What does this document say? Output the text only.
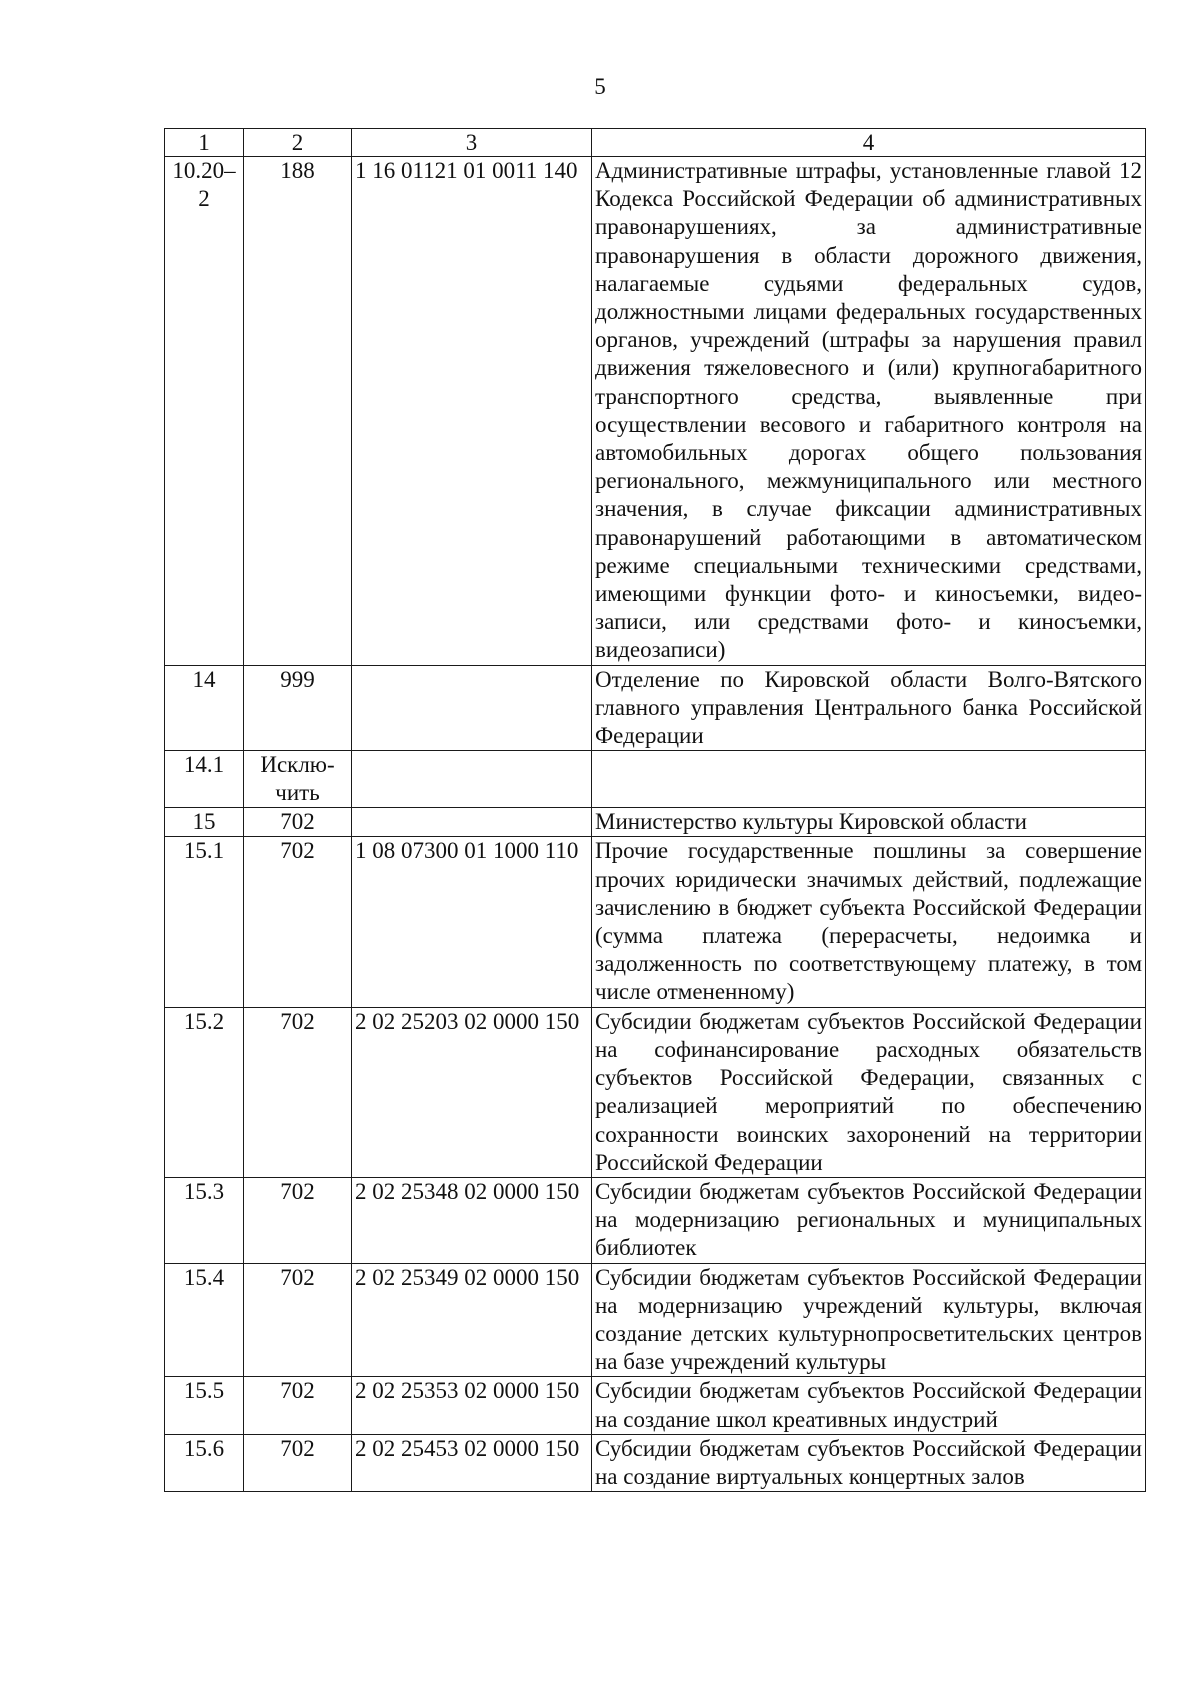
5
1	2	3	4
10.20–2	188	1 16 01121 01 0011 140	Административные штрафы, установленные главой 12 Кодекса Российской Федерации об административных правонарушениях, за административные правонарушения в области дорожного движения, налагаемые судьями федеральных судов, должностными лицами федеральных государственных органов, учреждений (штрафы за нарушения правил движения тяжеловесного и (или) крупногабаритного транспортного средства, выявленные при осуществлении весового и габаритного контроля на автомобильных дорогах общего пользования регионального, межмуниципального или местного значения, в случае фиксации административных правонарушений работающими в автоматическом режиме специальными техническими средствами, имеющими функции фото- и киносъемки, видео-записи, или средствами фото- и киносъемки, видеозаписи)
14	999		Отделение по Кировской области Волго-Вятского главного управления Центрального банка Российской Федерации
14.1	Исключить		

15	702		Министерство культуры Кировской области
15.1	702	1 08 07300 01 1000 110	Прочие государственные пошлины за совершение прочих юридически значимых действий, подлежащие зачислению в бюджет субъекта Российской Федерации (сумма платежа (перерасчеты, недоимка и задолженность по соответствующему платежу, в том числе отмененному)
15.2	702	2 02 25203 02 0000 150	Субсидии бюджетам субъектов Российской Федерации на софинансирование расходных обязательств субъектов Российской Федерации, связанных с реализацией мероприятий по обеспечению сохранности воинских захоронений на территории Российской Федерации
15.3	702	2 02 25348 02 0000 150	Субсидии бюджетам субъектов Российской Федерации на модернизацию региональных и муниципальных библиотек
15.4	702	2 02 25349 02 0000 150	Субсидии бюджетам субъектов Российской Федерации на модернизацию учреждений культуры, включая создание детских культурнопросветительских центров на базе учреждений культуры
15.5	702	2 02 25353 02 0000 150	Субсидии бюджетам субъектов Российской Федерации на создание школ креативных индустрий
15.6	702	2 02 25453 02 0000 150	Субсидии бюджетам субъектов Российской Федерации на создание виртуальных концертных залов
